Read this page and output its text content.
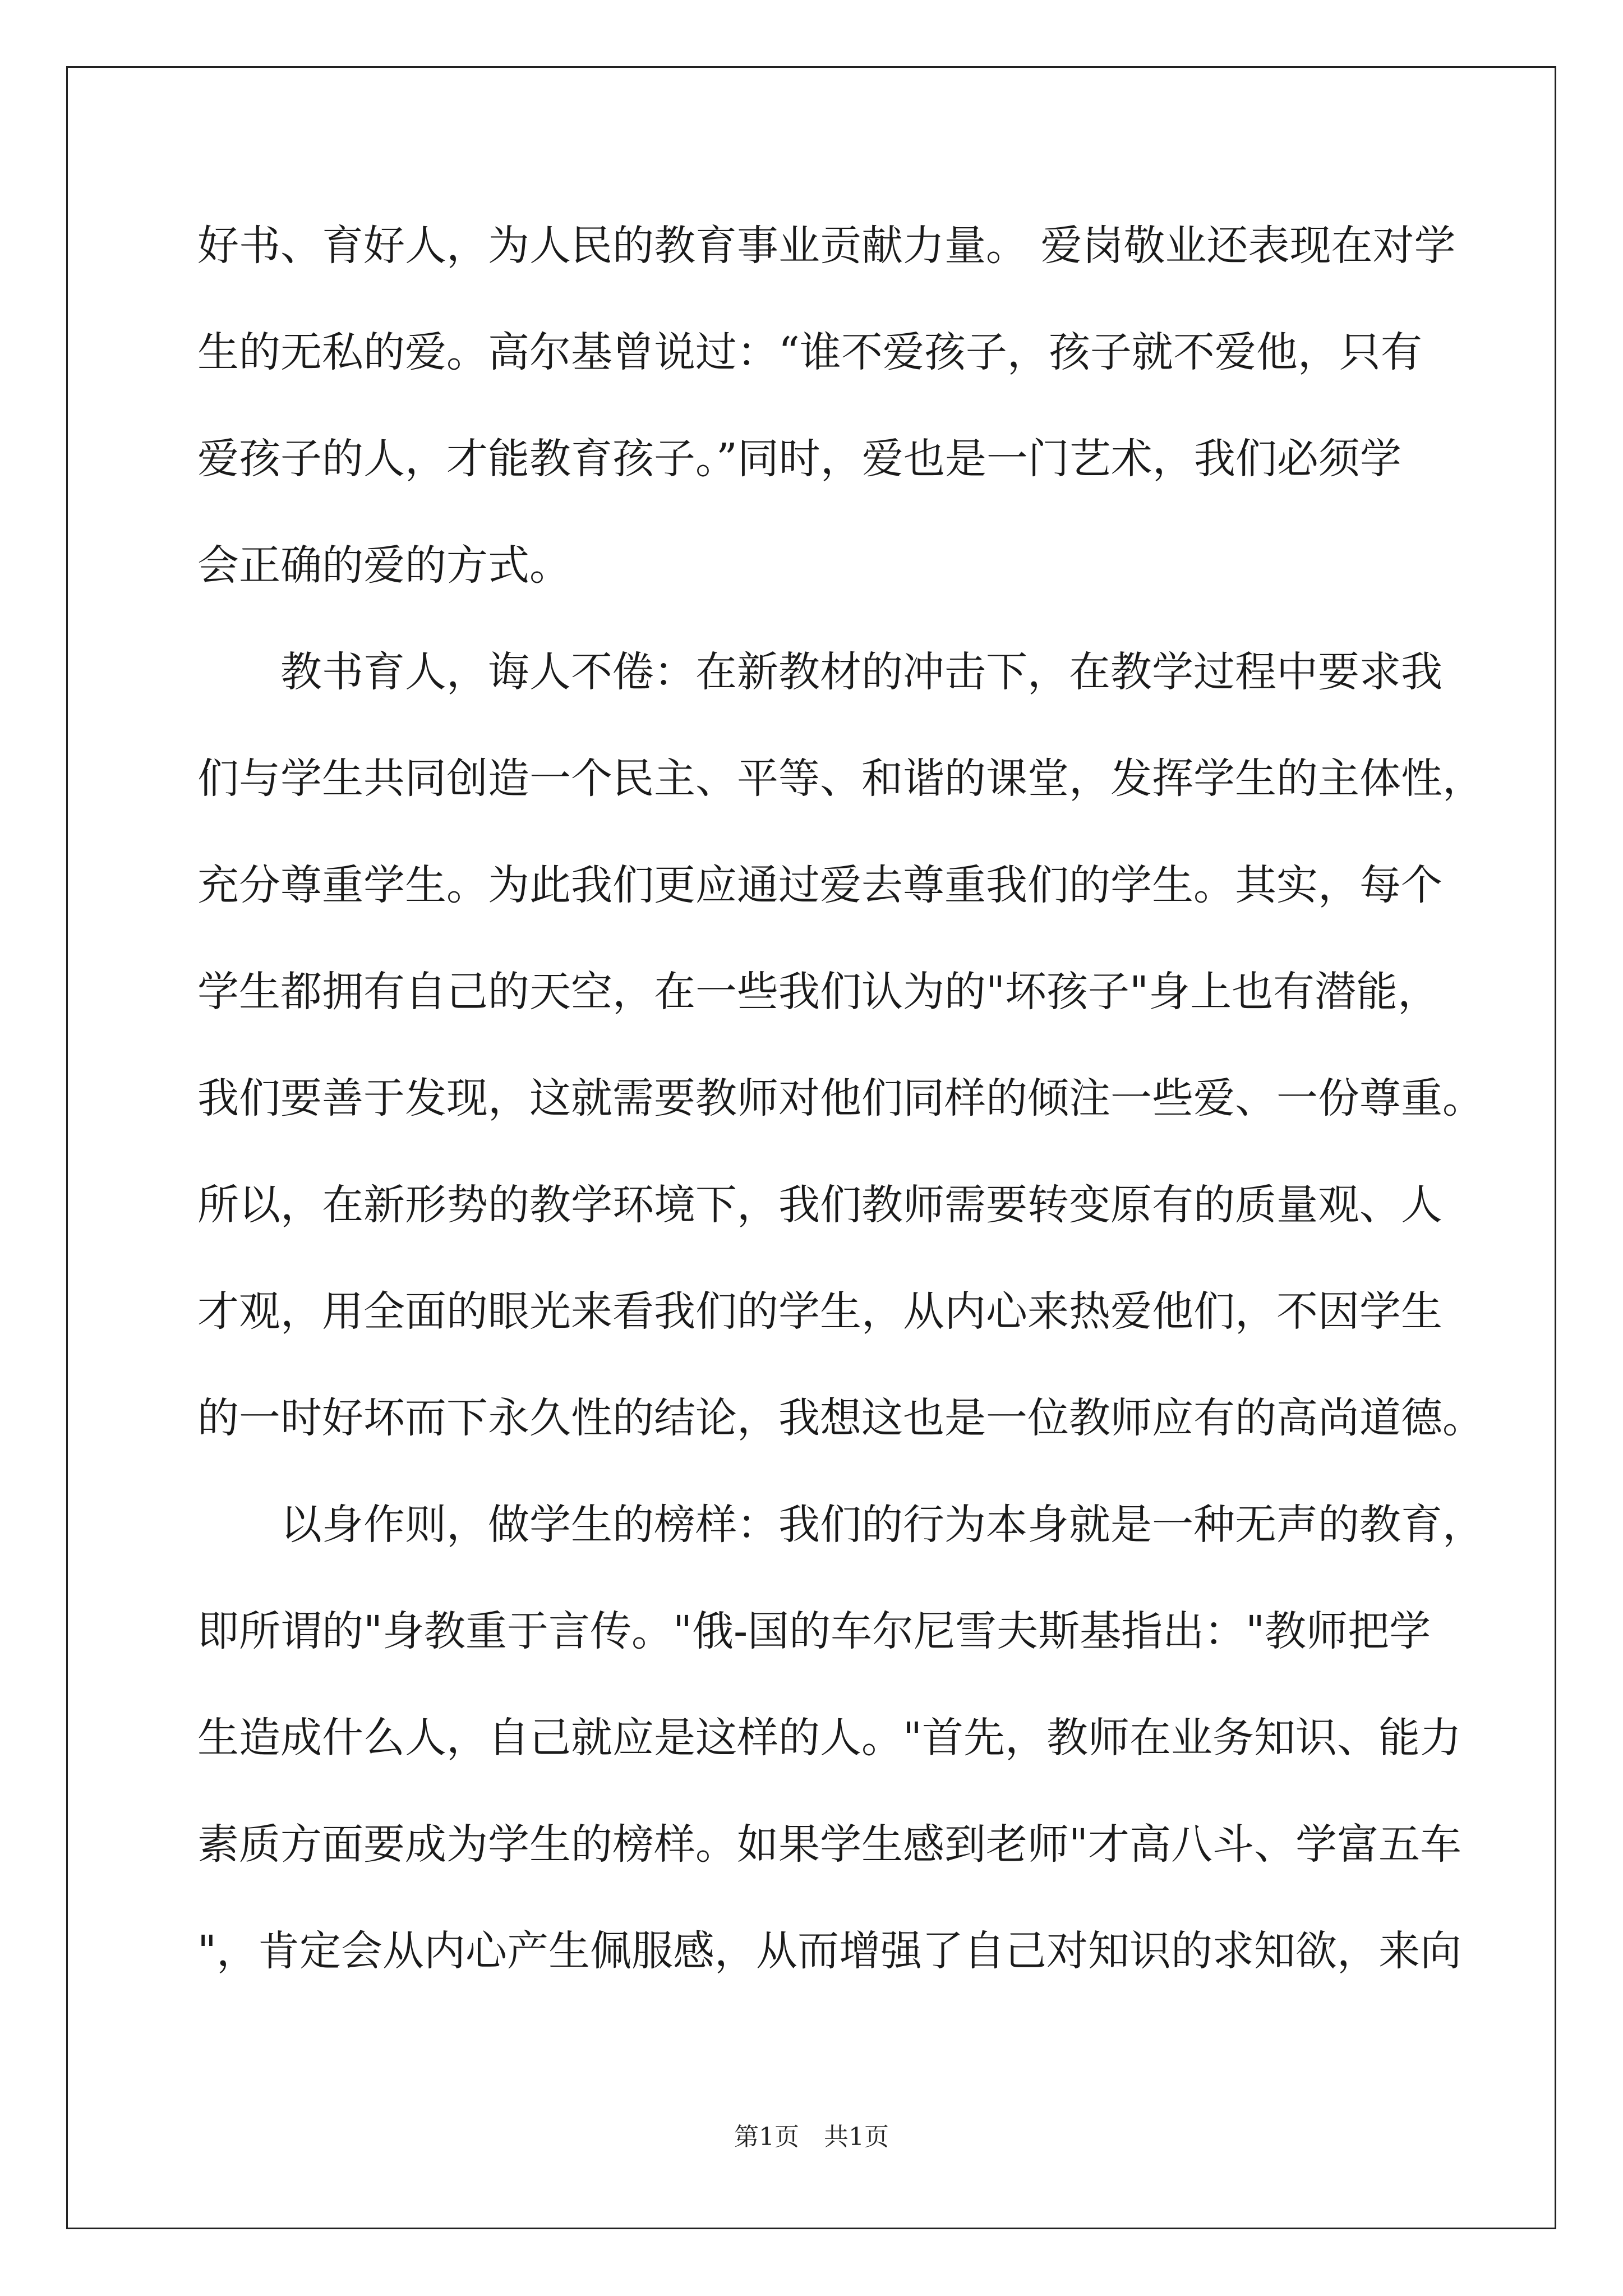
好书、育好人，为人民的教育事业贡献力量。 爱岗敬业还表现在对学
生的无私的爱。高尔基曾说过：“谁不爱孩子，孩子就不爱他，只有
爱孩子的人，才能教育孩子。”同时，爱也是一门艺术，我们必须学
会正确的爱的方式。
　　教书育人，诲人不倦：在新教材的冲击下，在教学过程中要求我
们与学生共同创造一个民主、平等、和谐的课堂，发挥学生的主体性，
充分尊重学生。为此我们更应通过爱去尊重我们的学生。其实，每个
学生都拥有自己的天空，在一些我们认为的"坏孩子"身上也有潜能，
我们要善于发现，这就需要教师对他们同样的倾注一些爱、一份尊重。
所以，在新形势的教学环境下，我们教师需要转变原有的质量观、人
才观，用全面的眼光来看我们的学生，从内心来热爱他们，不因学生
的一时好坏而下永久性的结论，我想这也是一位教师应有的高尚道德。
　　以身作则，做学生的榜样：我们的行为本身就是一种无声的教育，
即所谓的"身教重于言传。"俄-国的车尔尼雪夫斯基指出："教师把学
生造成什么人，自己就应是这样的人。"首先，教师在业务知识、能力
素质方面要成为学生的榜样。如果学生感到老师"才高八斗、学富五车
"，肯定会从内心产生佩服感，从而增强了自己对知识的求知欲，来向
第1页　共1页
